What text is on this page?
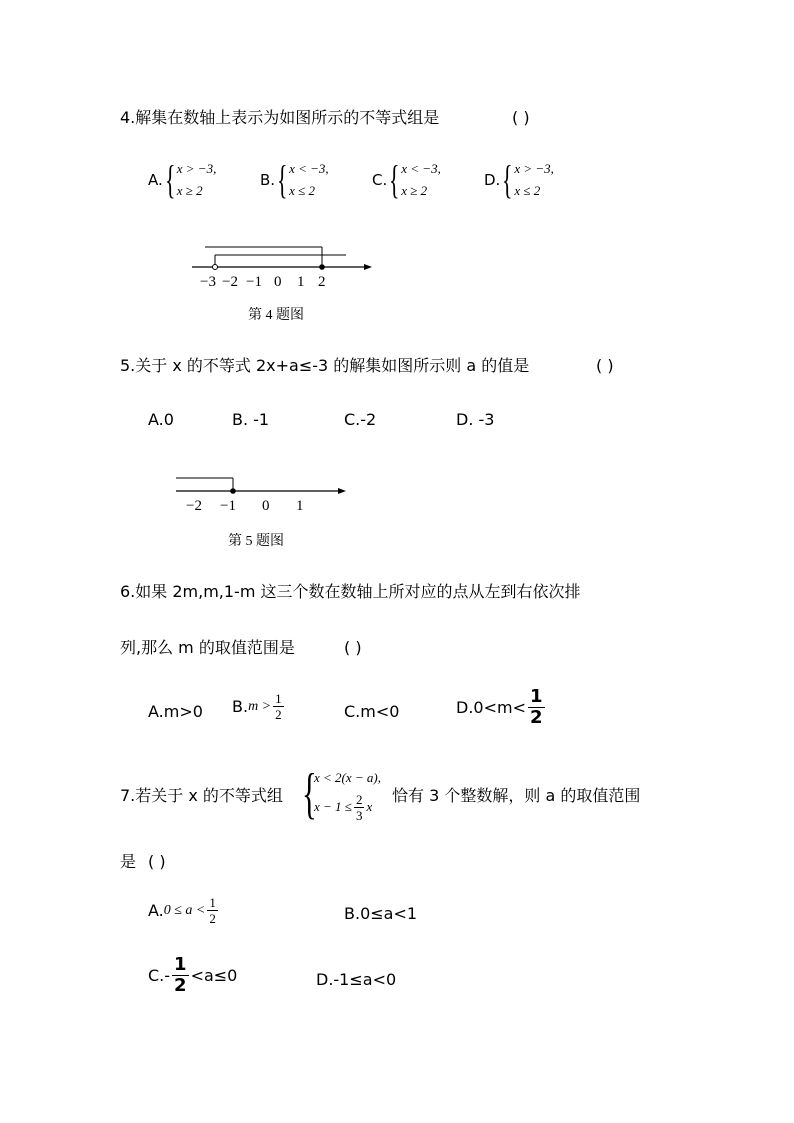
4.解集在数轴上表示为如图所示的不等式组是	( )
A. { x > −3,
x ≥ 2
B. { x < −3,
x ≤ 2
C. { x < −3,
x ≥ 2
D. { x > −3,
x ≤ 2
−3 −2 −1 0 1 2
第 4 题图
5.关于 x 的不等式 2x+a≤-3 的解集如图所示则 a 的值是	( )
A.0	B. -1	C.-2	D. -3
−2 −1 0 1
第 5 题图
6.如果 2m,m,1-m 这三个数在数轴上所对应的点从左到右依次排
列,那么 m 的取值范围是	( )
A.m>0 B. $m > \frac{1}{2}$	C.m<0	$D.0<m< \frac{1}{2}$
7.若关于 x 的不等式组 {
x < 2(x − a),
$x - 1 \le \frac{2}{3}$ x
恰有 3 个整数解，则 a 的取值范围
是 ( )
A. $0 \le a < \frac{1}{2}$	B.0≤a<1
$C.- \frac{1}{2} <a\le 0$	D.-1≤a<0
